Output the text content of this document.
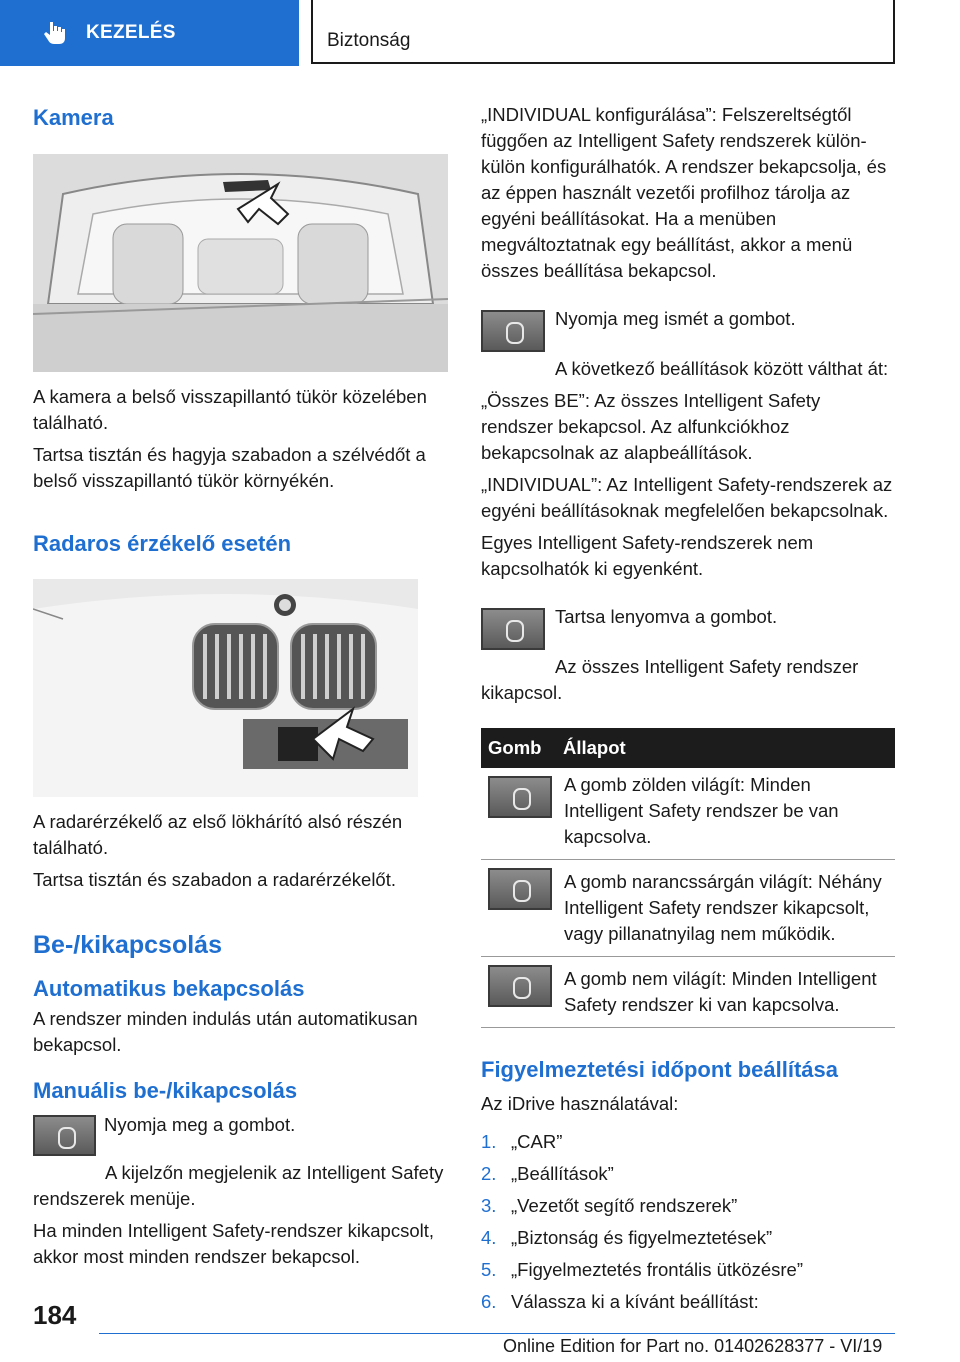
KEZELÉS	Biztonság
Kamera

A kamera a belső visszapillantó tükör közelében található.

Tartsa tisztán és hagyja szabadon a szélvédőt a belső visszapillantó tükör környékén.

Radaros érzékelő esetén

A radarérzékelő az első lökhárító alsó részén található.

Tartsa tisztán és szabadon a radarérzékelőt.

Be-/kikapcsolás
Automatikus bekapcsolás

A rendszer minden indulás után automatikusan bekapcsol.

Manuális be-/kikapcsolás

Nyomja meg a gombot.

A kijelzőn megjelenik az Intelligent Safety rendszerek menüje.

Ha minden Intelligent Safety-rendszer kikapcsolt, akkor most minden rendszer bekapcsol.

„INDIVIDUAL konfigurálása”: Felszereltségtől függően az Intelligent Safety rendszerek külön-külön konfigurálhatók. A rendszer bekapcsolja, és az éppen használt vezetői profilhoz tárolja az egyéni beállításokat. Ha a menüben megváltoztatnak egy beállítást, akkor a menü összes beállítása bekapcsol.

Nyomja meg ismét a gombot.

A következő beállítások között válthat át:

„Összes BE”: Az összes Intelligent Safety rendszer bekapcsol. Az alfunkciókhoz bekapcsolnak az alapbeállítások.

„INDIVIDUAL”: Az Intelligent Safety-rendszerek az egyéni beállításoknak megfelelően bekapcsolnak.

Egyes Intelligent Safety-rendszerek nem kapcsolhatók ki egyenként.

Tartsa lenyomva a gombot.

Az összes Intelligent Safety rendszer kikapcsol.

Gomb	Állapot

	A gomb zölden világít: Minden Intelligent Safety rendszer be van kapcsolva.

	A gomb narancssárgán világít: Néhány Intelligent Safety rendszer kikapcsolt, vagy pillanatnyilag nem működik.

	A gomb nem világít: Minden Intelligent Safety rendszer ki van kapcsolva.
Figyelmeztetési időpont beállítása

Az iDrive használatával:

1. „CAR”
2. „Beállítások”
3. „Vezetőt segítő rendszerek”
4. „Biztonság és figyelmeztetések”
5. „Figyelmeztetés frontális ütközésre”
6. Válassza ki a kívánt beállítást:
184
Online Edition for Part no. 01402628377 - VI/19
